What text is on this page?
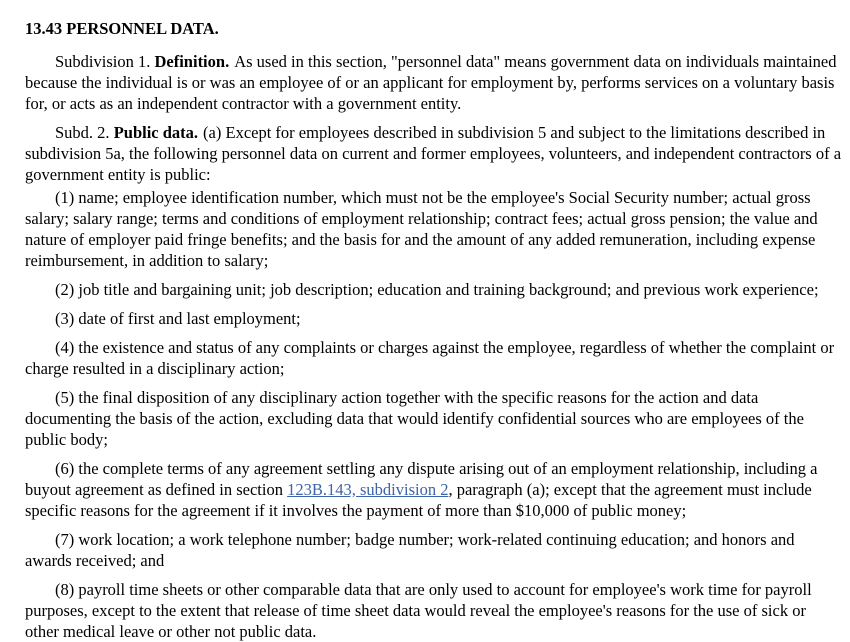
13.43 PERSONNEL DATA.

Subdivision 1. Definition. As used in this section, "personnel data" means government data on individuals maintained because the individual is or was an employee of or an applicant for employment by, performs services on a voluntary basis for, or acts as an independent contractor with a government entity.

Subd. 2. Public data. (a) Except for employees described in subdivision 5 and subject to the limitations described in subdivision 5a, the following personnel data on current and former employees, volunteers, and independent contractors of a government entity is public:

(1) name; employee identification number, which must not be the employee's Social Security number; actual gross salary; salary range; terms and conditions of employment relationship; contract fees; actual gross pension; the value and nature of employer paid fringe benefits; and the basis for and the amount of any added remuneration, including expense reimbursement, in addition to salary;

(2) job title and bargaining unit; job description; education and training background; and previous work experience;

(3) date of first and last employment;

(4) the existence and status of any complaints or charges against the employee, regardless of whether the complaint or charge resulted in a disciplinary action;

(5) the final disposition of any disciplinary action together with the specific reasons for the action and data documenting the basis of the action, excluding data that would identify confidential sources who are employees of the public body;

(6) the complete terms of any agreement settling any dispute arising out of an employment relationship, including a buyout agreement as defined in section 123B.143, subdivision 2, paragraph (a); except that the agreement must include specific reasons for the agreement if it involves the payment of more than $10,000 of public money;

(7) work location; a work telephone number; badge number; work-related continuing education; and honors and awards received; and

(8) payroll time sheets or other comparable data that are only used to account for employee's work time for payroll purposes, except to the extent that release of time sheet data would reveal the employee's reasons for the use of sick or other medical leave or other not public data.
